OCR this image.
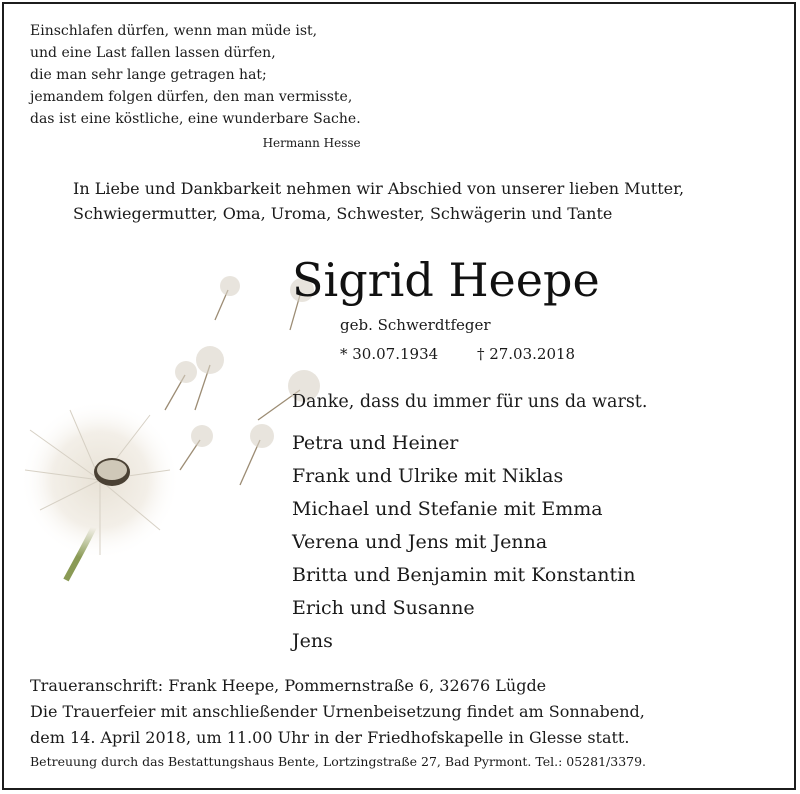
Einschlafen dürfen, wenn man müde ist,
und eine Last fallen lassen dürfen,
die man sehr lange getragen hat;
jemandem folgen dürfen, den man vermisste,
das ist eine köstliche, eine wunderbare Sache.
Hermann Hesse
In Liebe und Dankbarkeit nehmen wir Abschied von unserer lieben Mutter,
Schwiegermutter, Oma, Uroma, Schwester, Schwägerin und Tante
Sigrid Heepe
geb. Schwerdtfeger
* 30.07.1934	† 27.03.2018
Danke, dass du immer für uns da warst.
Petra und Heiner
Frank und Ulrike mit Niklas
Michael und Stefanie mit Emma
Verena und Jens mit Jenna
Britta und Benjamin mit Konstantin
Erich und Susanne
Jens
Traueranschrift: Frank Heepe, Pommernstraße 6, 32676 Lügde
Die Trauerfeier mit anschließender Urnenbeisetzung findet am Sonnabend,
dem 14. April 2018, um 11.00 Uhr in der Friedhofskapelle in Glesse statt.
Betreuung durch das Bestattungshaus Bente, Lortzingstraße 27, Bad Pyrmont. Tel.: 05281/3379.
